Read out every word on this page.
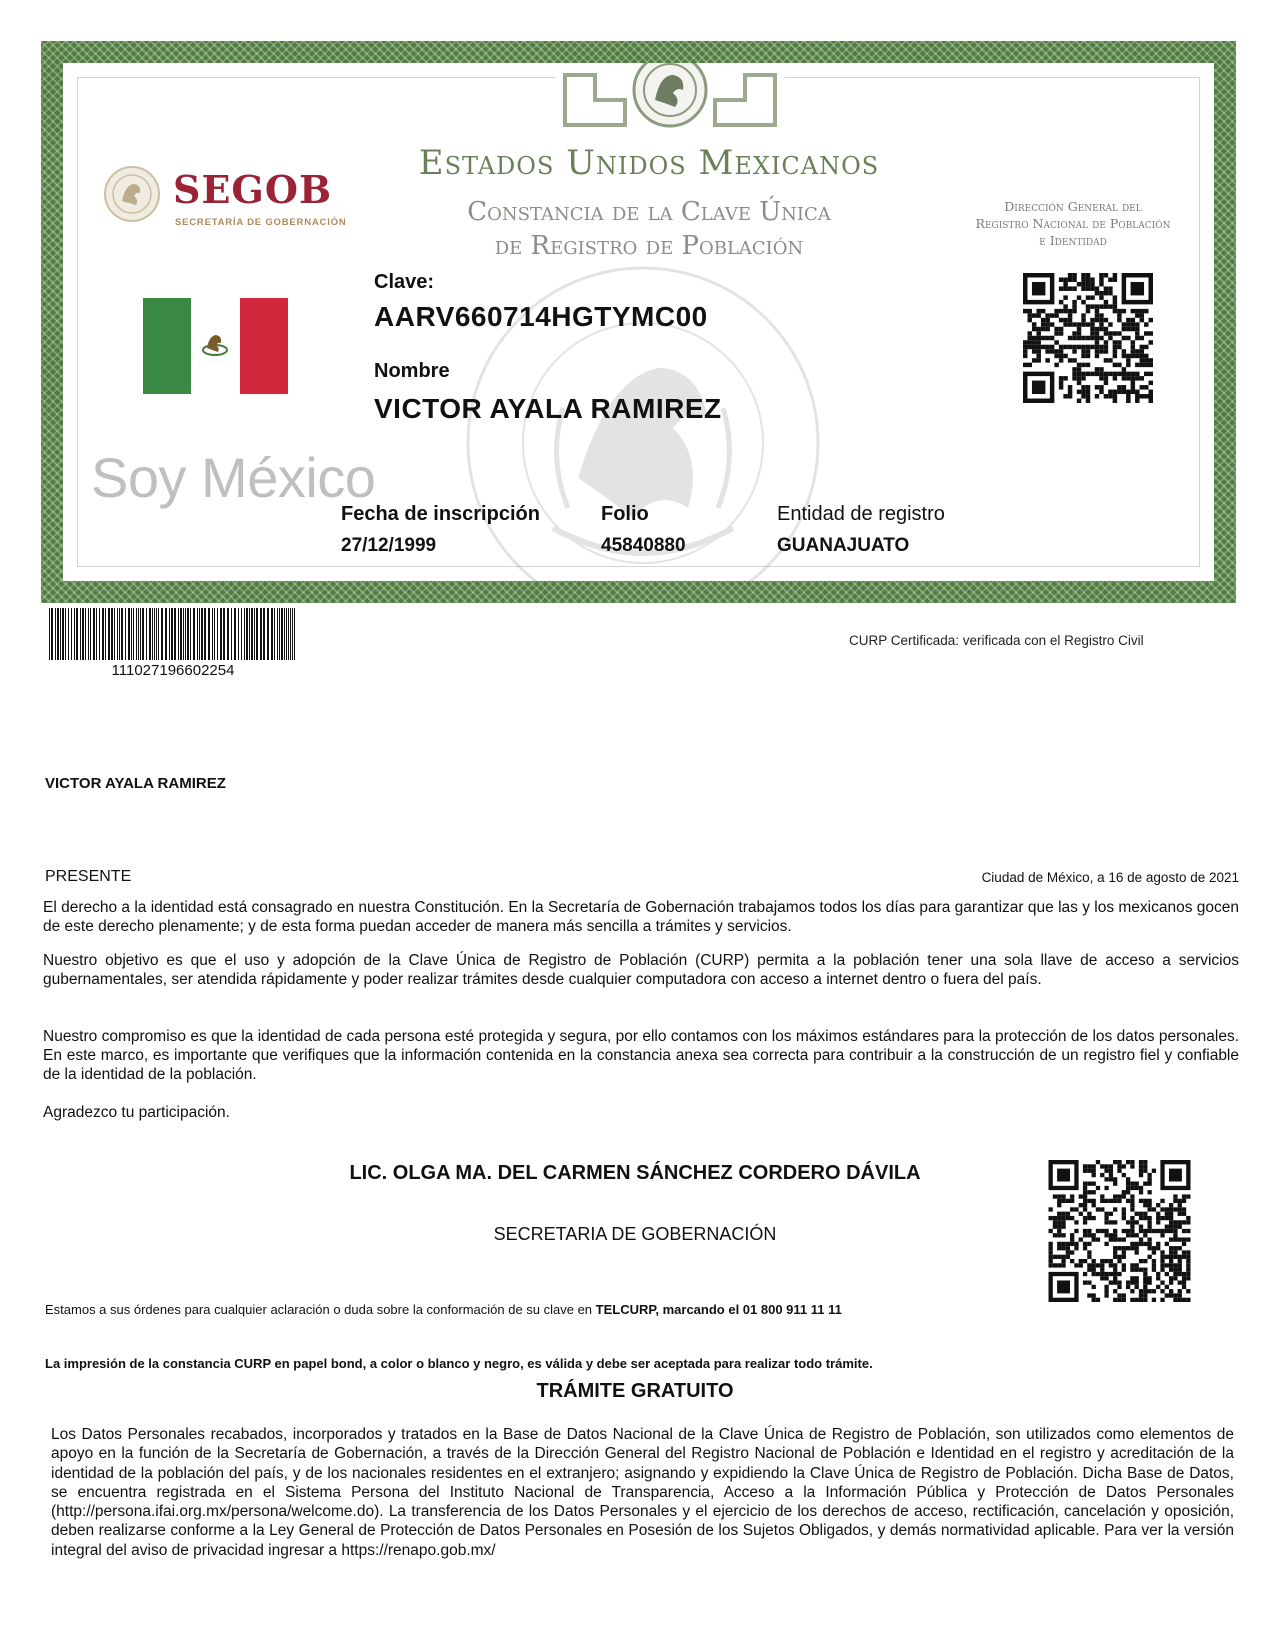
SEGOB
SECRETARÍA DE GOBERNACIÓN
Estados Unidos Mexicanos
Constancia de la Clave Única
de Registro de Población
Dirección General del
Registro Nacional de Población
e Identidad
Soy México
Clave:
AARV660714HGTYMC00
Nombre
VICTOR AYALA RAMIREZ
Fecha de inscripción
27/12/1999
Folio
45840880
Entidad de registro
GUANAJUATO
111027196602254
CURP Certificada: verificada con el Registro Civil
VICTOR AYALA RAMIREZ
PRESENTE	Ciudad de México, a 16 de agosto de 2021

El derecho a la identidad está consagrado en nuestra Constitución. En la Secretaría de Gobernación trabajamos todos los días para garantizar que las y los mexicanos gocen de este derecho plenamente; y de esta forma puedan acceder de manera más sencilla a trámites y servicios.

Nuestro objetivo es que el uso y adopción de la Clave Única de Registro de Población (CURP) permita a la población tener una sola llave de acceso a servicios gubernamentales, ser atendida rápidamente y poder realizar trámites desde cualquier computadora con acceso a internet dentro o fuera del país.

Nuestro compromiso es que la identidad de cada persona esté protegida y segura, por ello contamos con los máximos estándares para la protección de los datos personales. En este marco, es importante que verifiques que la información contenida en la constancia anexa sea correcta para contribuir a la construcción de un registro fiel y confiable de la identidad de la población.

Agradezco tu participación.

LIC. OLGA MA. DEL CARMEN SÁNCHEZ CORDERO DÁVILA
SECRETARIA DE GOBERNACIÓN
Estamos a sus órdenes para cualquier aclaración o duda sobre la conformación de su clave en TELCURP, marcando el 01 800 911 11 11
La impresión de la constancia CURP en papel bond, a color o blanco y negro, es válida y debe ser aceptada para realizar todo trámite.
TRÁMITE GRATUITO

Los Datos Personales recabados, incorporados y tratados en la Base de Datos Nacional de la Clave Única de Registro de Población, son utilizados como elementos de apoyo en la función de la Secretaría de Gobernación, a través de la Dirección General del Registro Nacional de Población e Identidad en el registro y acreditación de la identidad de la población del país, y de los nacionales residentes en el extranjero; asignando y expidiendo la Clave Única de Registro de Población. Dicha Base de Datos, se encuentra registrada en el Sistema Persona del Instituto Nacional de Transparencia, Acceso a la Información Pública y Protección de Datos Personales (http://persona.ifai.org.mx/persona/welcome.do). La transferencia de los Datos Personales y el ejercicio de los derechos de acceso, rectificación, cancelación y oposición, deben realizarse conforme a la Ley General de Protección de Datos Personales en Posesión de los Sujetos Obligados, y demás normatividad aplicable. Para ver la versión integral del aviso de privacidad ingresar a https://renapo.gob.mx/
